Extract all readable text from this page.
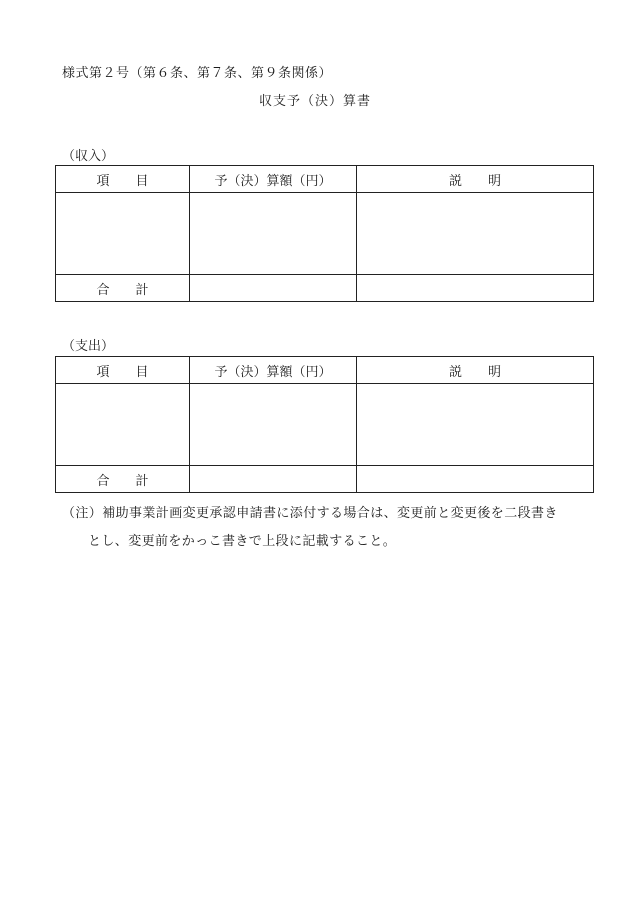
様式第２号（第６条、第７条、第９条関係）
収支予（決）算書
（収入）
項 目	予（決）算額（円）	説 明

合 計		
（支出）
項 目	予（決）算額（円）	説 明

合 計		
（注）補助事業計画変更承認申請書に添付する場合は、変更前と変更後を二段書き
とし、変更前をかっこ書きで上段に記載すること。
